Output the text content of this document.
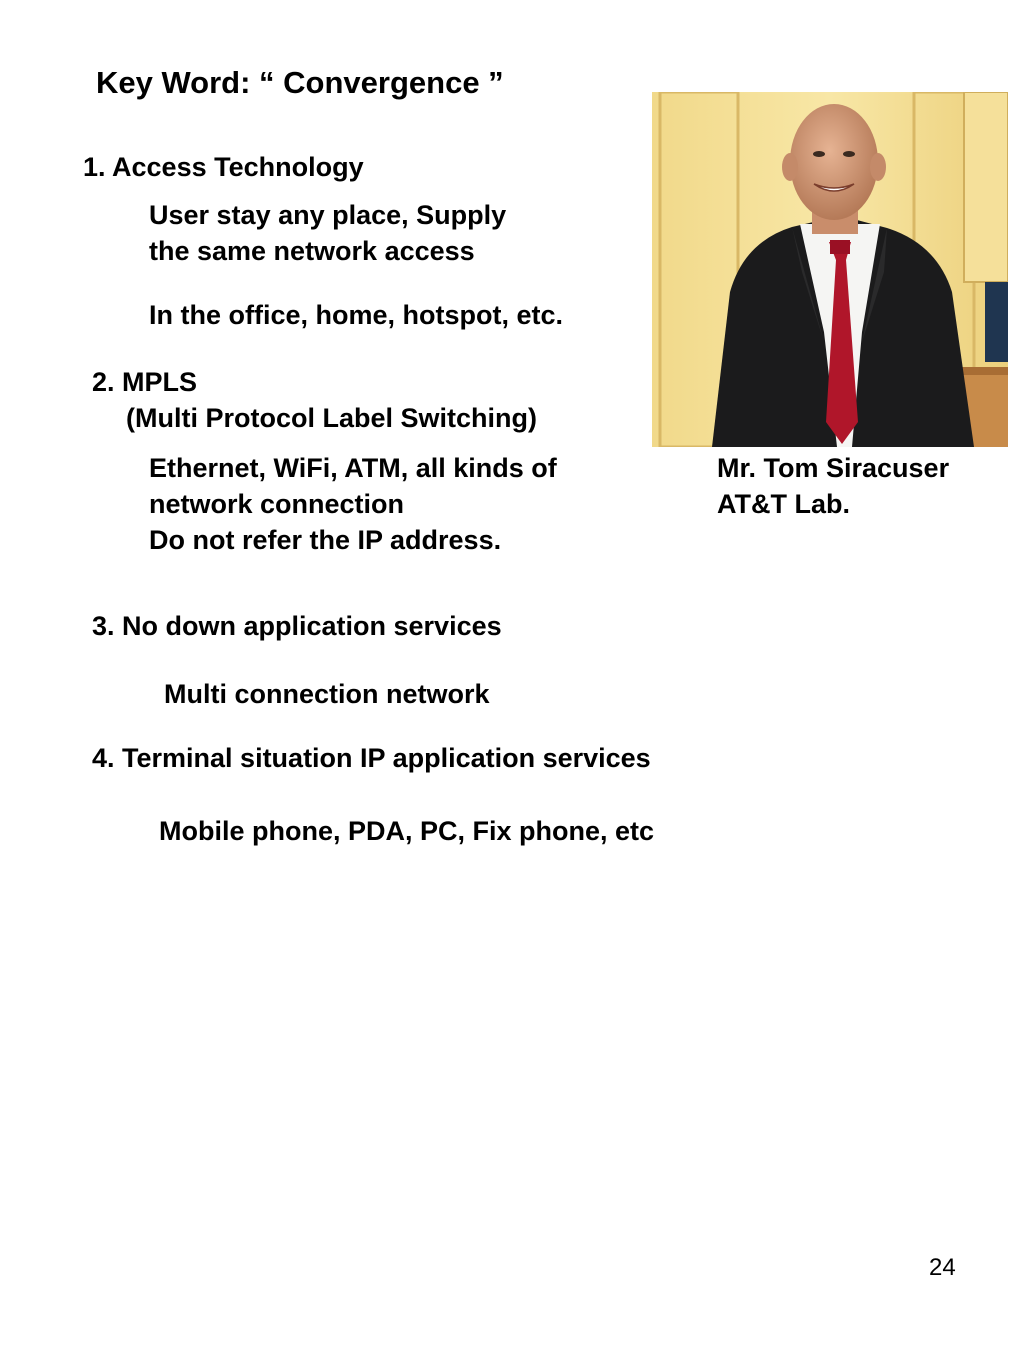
Key Word: “ Convergence ”
1. Access Technology
User stay any place, Supply
the same network access
In the office, home, hotspot, etc.
2. MPLS
(Multi Protocol Label Switching)
Ethernet, WiFi, ATM, all kinds of
network connection
Do not refer the IP address.
3. No down application services
Multi connection network
4. Terminal situation IP application services
Mobile phone, PDA, PC, Fix phone, etc
Mr. Tom Siracuser
AT&T Lab.
24
